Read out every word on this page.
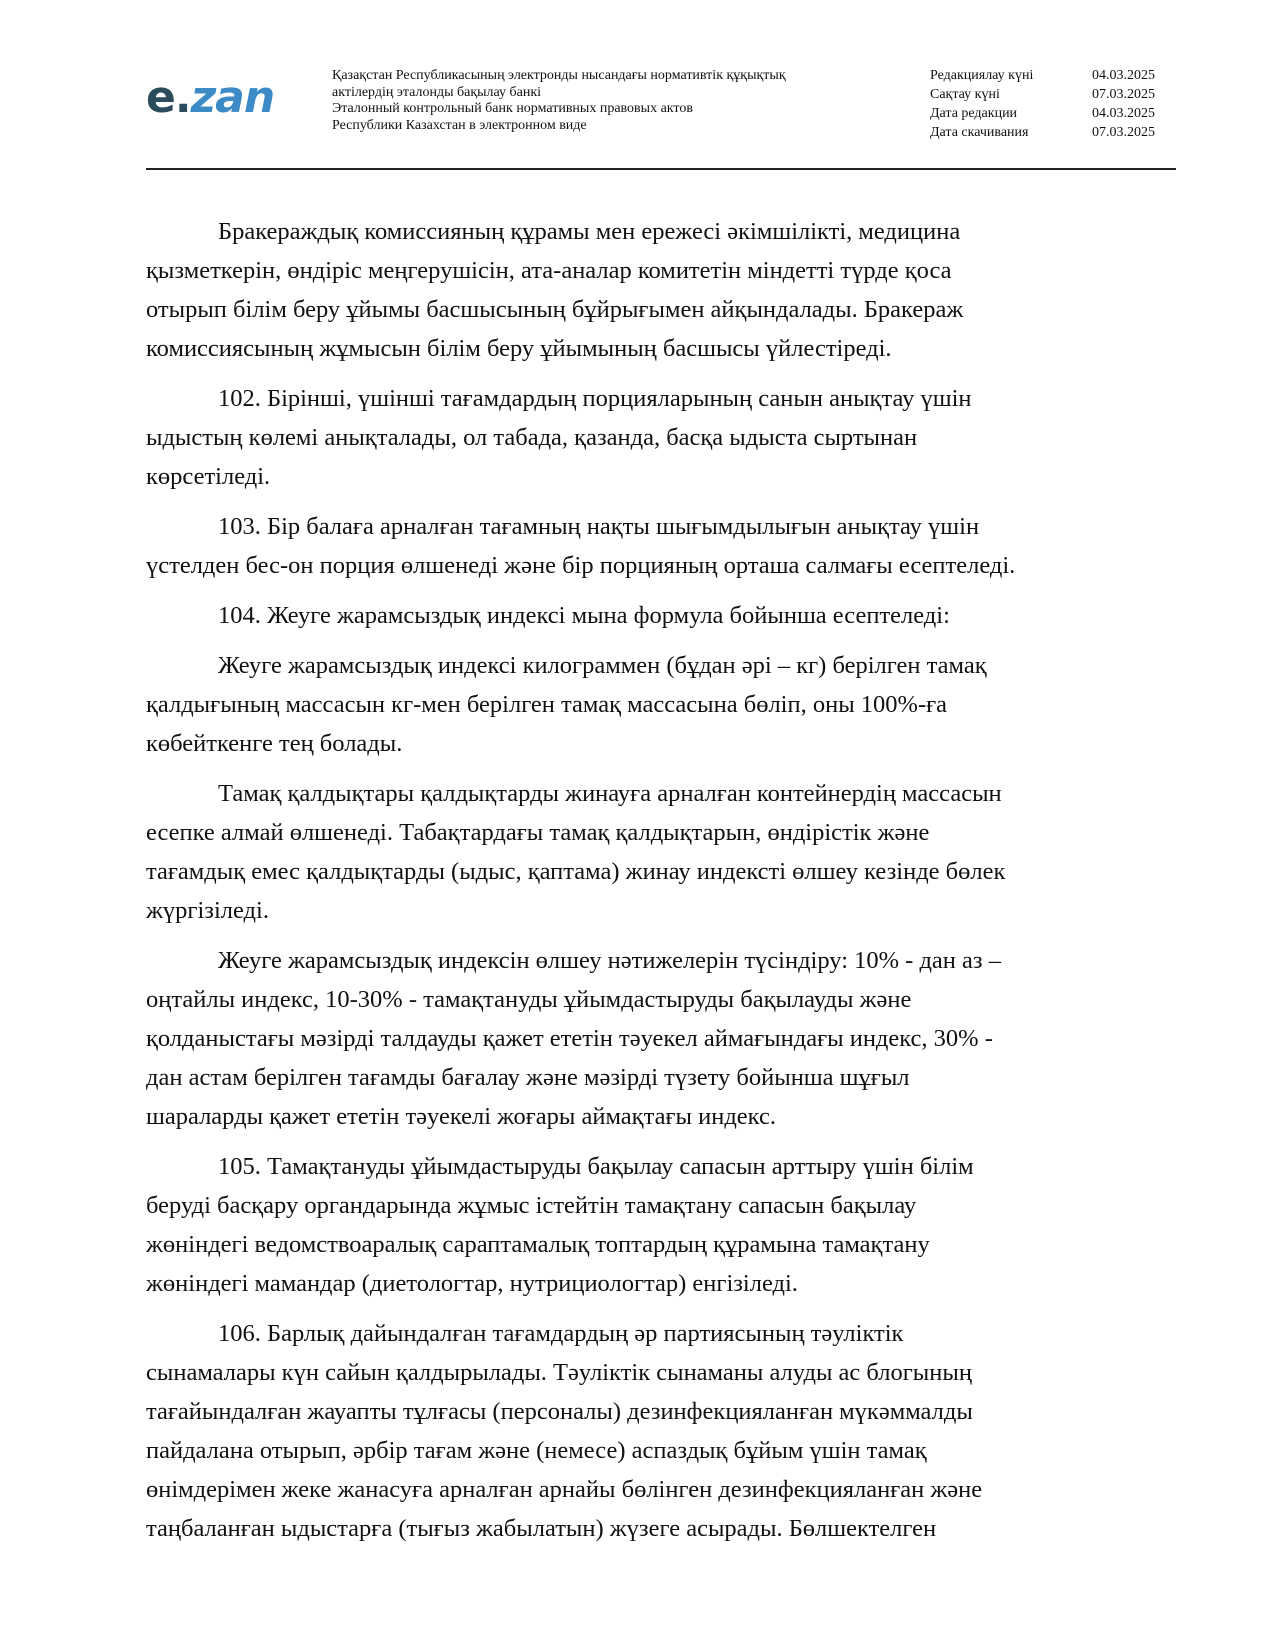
e.zan	Қазақстан Республикасының электронды нысандағы нормативтік құқықтық
актілердің эталонды бақылау банкі
Эталонный контрольный банк нормативных правовых актов
Республики Казахстан в электронном виде
Редакциялау күні	04.03.2025
Сақтау күні	07.03.2025
Дата редакции	04.03.2025
Дата скачивания	07.03.2025

Бракераждық комиссияның құрамы мен ережесі әкімшілікті, медицина
қызметкерін, өндіріс меңгерушісін, ата-аналар комитетін міндетті түрде қоса
отырып білім беру ұйымы басшысының бұйрығымен айқындалады. Бракераж
комиссиясының жұмысын білім беру ұйымының басшысы үйлестіреді.

102. Бірінші, үшінші тағамдардың порцияларының санын анықтау үшін
ыдыстың көлемі анықталады, ол табада, қазанда, басқа ыдыста сыртынан
көрсетіледі.

103. Бір балаға арналған тағамның нақты шығымдылығын анықтау үшін
үстелден бес-он порция өлшенеді және бір порцияның орташа салмағы есептеледі.

104. Жеуге жарамсыздық индексі мына формула бойынша есептеледі:

Жеуге жарамсыздық индексі килограммен (бұдан әрі – кг) берілген тамақ
қалдығының массасын кг-мен берілген тамақ массасына бөліп, оны 100%-ға
көбейткенге тең болады.

Тамақ қалдықтары қалдықтарды жинауға арналған контейнердің массасын
есепке алмай өлшенеді. Табақтардағы тамақ қалдықтарын, өндірістік және
тағамдық емес қалдықтарды (ыдыс, қаптама) жинау индексті өлшеу кезінде бөлек
жүргізіледі.

Жеуге жарамсыздық индексін өлшеу нәтижелерін түсіндіру: 10% - дан аз –
оңтайлы индекс, 10-30% - тамақтануды ұйымдастыруды бақылауды және
қолданыстағы мәзірді талдауды қажет ететін тәуекел аймағындағы индекс, 30% -
дан астам берілген тағамды бағалау және мәзірді түзету бойынша шұғыл
шараларды қажет ететін тәуекелі жоғары аймақтағы индекс.

105. Тамақтануды ұйымдастыруды бақылау сапасын арттыру үшін білім
беруді басқару органдарында жұмыс істейтін тамақтану сапасын бақылау
жөніндегі ведомствоаралық сараптамалық топтардың құрамына тамақтану
жөніндегі мамандар (диетологтар, нутрициологтар) енгізіледі.

106. Барлық дайындалған тағамдардың әр партиясының тәуліктік
сынамалары күн сайын қалдырылады. Тәуліктік сынаманы алуды ас блогының
тағайындалған жауапты тұлғасы (персоналы) дезинфекцияланған мүкәммалды
пайдалана отырып, әрбір тағам және (немесе) аспаздық бұйым үшін тамақ
өнімдерімен жеке жанасуға арналған арнайы бөлінген дезинфекцияланған және
таңбаланған ыдыстарға (тығыз жабылатын) жүзеге асырады. Бөлшектелген
